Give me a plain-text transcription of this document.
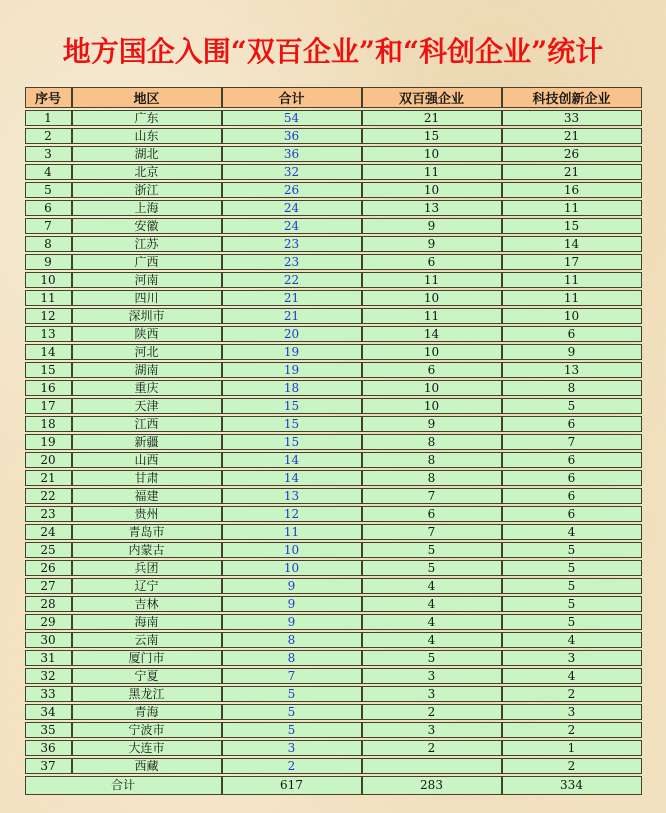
地方国企入围“双百企业”和“科创企业”统计
序号	地区	合计	双百强企业	科技创新企业
1	广东	54	21	33
2	山东	36	15	21
3	湖北	36	10	26
4	北京	32	11	21
5	浙江	26	10	16
6	上海	24	13	11
7	安徽	24	9	15
8	江苏	23	9	14
9	广西	23	6	17
10	河南	22	11	11
11	四川	21	10	11
12	深圳市	21	11	10
13	陕西	20	14	6
14	河北	19	10	9
15	湖南	19	6	13
16	重庆	18	10	8
17	天津	15	10	5
18	江西	15	9	6
19	新疆	15	8	7
20	山西	14	8	6
21	甘肃	14	8	6
22	福建	13	7	6
23	贵州	12	6	6
24	青岛市	11	7	4
25	内蒙古	10	5	5
26	兵团	10	5	5
27	辽宁	9	4	5
28	吉林	9	4	5
29	海南	9	4	5
30	云南	8	4	4
31	厦门市	8	5	3
32	宁夏	7	3	4
33	黑龙江	5	3	2
34	青海	5	2	3
35	宁波市	5	3	2
36	大连市	3	2	1
37	西藏	2		2
合计		617	283	334
